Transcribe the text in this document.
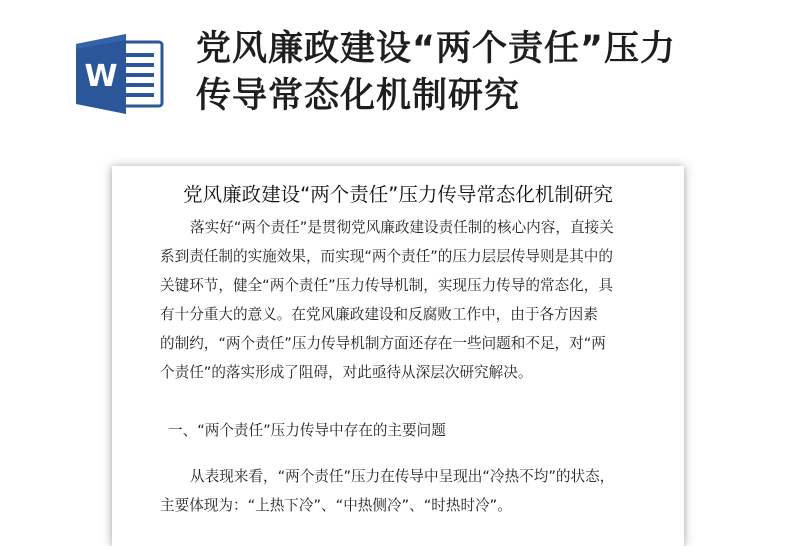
W
党风廉政建设“两个责任”压力
传导常态化机制研究
党风廉政建设“两个责任”压力传导常态化机制研究
落实好“两个责任”是贯彻党风廉政建设责任制的核心内容，直接关
系到责任制的实施效果，而实现“两个责任”的压力层层传导则是其中的
关键环节，健全“两个责任”压力传导机制，实现压力传导的常态化，具
有十分重大的意义。在党风廉政建设和反腐败工作中，由于各方因素
的制约，“两个责任”压力传导机制方面还存在一些问题和不足，对“两
个责任”的落实形成了阻碍，对此亟待从深层次研究解决。
一、“两个责任”压力传导中存在的主要问题
从表现来看，“两个责任”压力在传导中呈现出“冷热不均”的状态，
主要体现为：“上热下冷”、“中热侧冷”、“时热时冷”。
